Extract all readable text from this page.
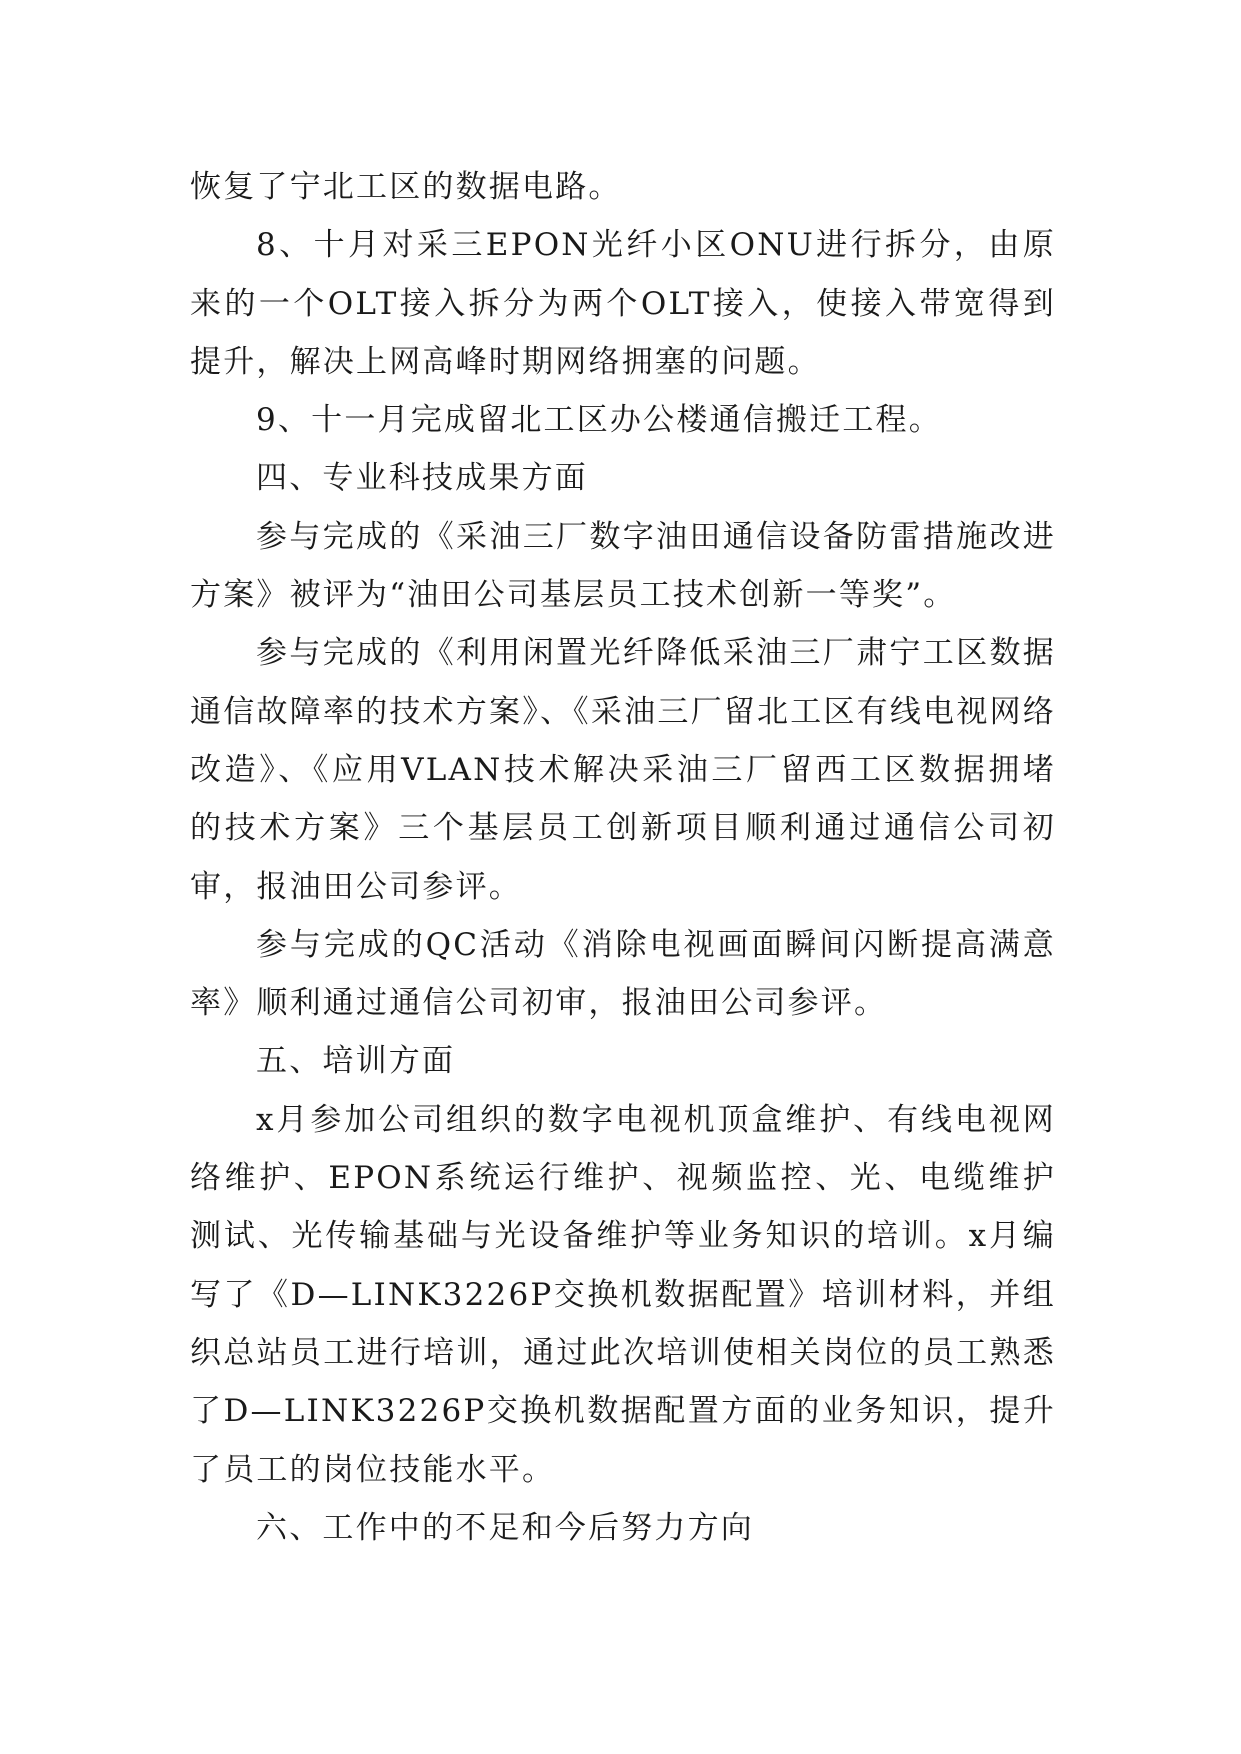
恢复了宁北工区的数据电路。

8、十月对采三EPON光纤小区ONU进行拆分，由原来的一个OLT接入拆分为两个OLT接入，使接入带宽得到提升，解决上网高峰时期网络拥塞的问题。

9、十一月完成留北工区办公楼通信搬迁工程。

四、专业科技成果方面

参与完成的《采油三厂数字油田通信设备防雷措施改进方案》被评为“油田公司基层员工技术创新一等奖”。

参与完成的《利用闲置光纤降低采油三厂肃宁工区数据通信故障率的技术方案》、《采油三厂留北工区有线电视网络改造》、《应用VLAN技术解决采油三厂留西工区数据拥堵的技术方案》三个基层员工创新项目顺利通过通信公司初审，报油田公司参评。

参与完成的QC活动《消除电视画面瞬间闪断提高满意率》顺利通过通信公司初审，报油田公司参评。

五、培训方面

x月参加公司组织的数字电视机顶盒维护、有线电视网络维护、EPON系统运行维护、视频监控、光、电缆维护测试、光传输基础与光设备维护等业务知识的培训。x月编写了《D—LINK3226P交换机数据配置》培训材料，并组织总站员工进行培训，通过此次培训使相关岗位的员工熟悉了D—LINK3226P交换机数据配置方面的业务知识，提升了员工的岗位技能水平。

六、工作中的不足和今后努力方向
